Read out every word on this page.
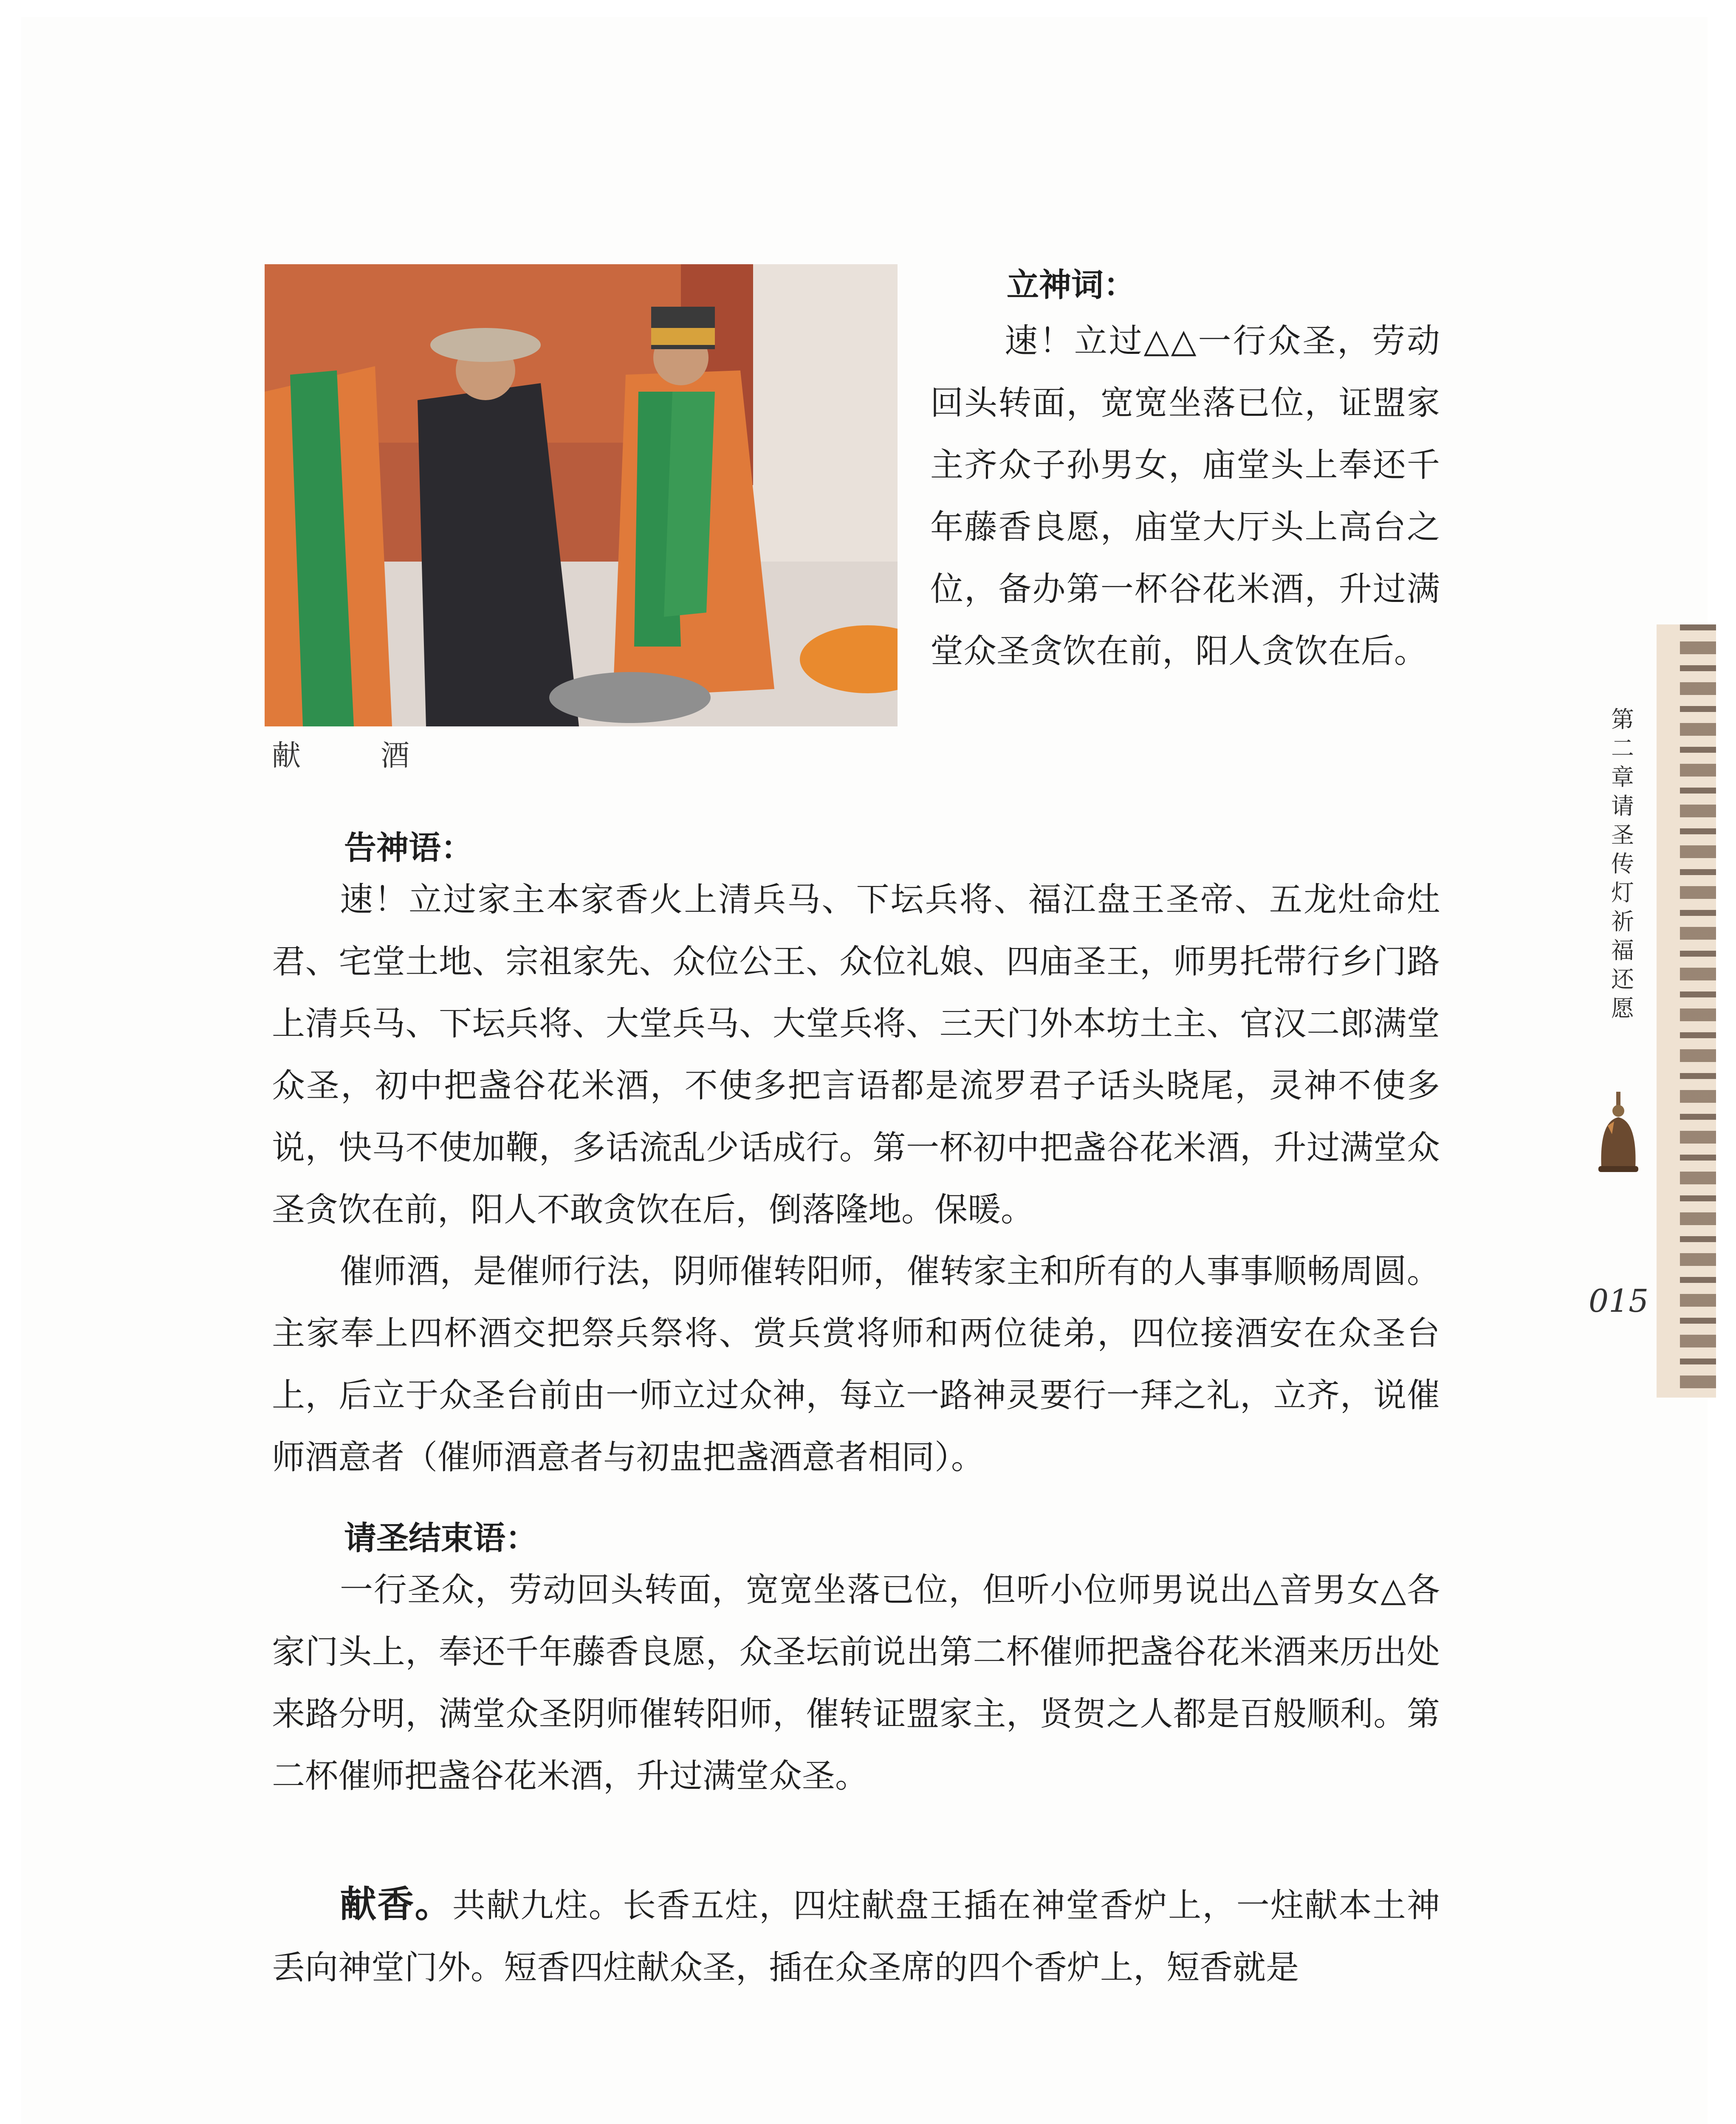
献　酒
立神词：

速！立过△△一行众圣，劳动回头转面，宽宽坐落已位，证盟家主齐众子孙男女，庙堂头上奉还千年藤香良愿，庙堂大厅头上高台之位，备办第一杯谷花米酒，升过满堂众圣贪饮在前，阳人贪饮在后。

告神语：

速！立过家主本家香火上清兵马、下坛兵将、福江盘王圣帝、五龙灶命灶君、宅堂土地、宗祖家先、众位公王、众位礼娘、四庙圣王，师男托带行乡门路上清兵马、下坛兵将、大堂兵马、大堂兵将、三天门外本坊土主、官汉二郎满堂众圣，初中把盏谷花米酒，不使多把言语都是流罗君子话头晓尾，灵神不使多说，快马不使加鞭，多话流乱少话成行。第一杯初中把盏谷花米酒，升过满堂众圣贪饮在前，阳人不敢贪饮在后，倒落隆地。保暖。

催师酒，是催师行法，阴师催转阳师，催转家主和所有的人事事顺畅周圆。主家奉上四杯酒交把祭兵祭将、赏兵赏将师和两位徒弟，四位接酒安在众圣台上，后立于众圣台前由一师立过众神，每立一路神灵要行一拜之礼，立齐，说催师酒意者（催师酒意者与初盅把盏酒意者相同）。

请圣结束语：

一行圣众，劳动回头转面，宽宽坐落已位，但听小位师男说出△音男女△各家门头上，奉还千年藤香良愿，众圣坛前说出第二杯催师把盏谷花米酒来历出处来路分明，满堂众圣阴师催转阳师，催转证盟家主，贤贺之人都是百般顺利。第二杯催师把盏谷花米酒，升过满堂众圣。

献香。共献九炷。长香五炷，四炷献盘王插在神堂香炉上，一炷献本土神丢向神堂门外。短香四炷献众圣，插在众圣席的四个香炉上，短香就是

第二章 请圣传灯祈福还愿
015
